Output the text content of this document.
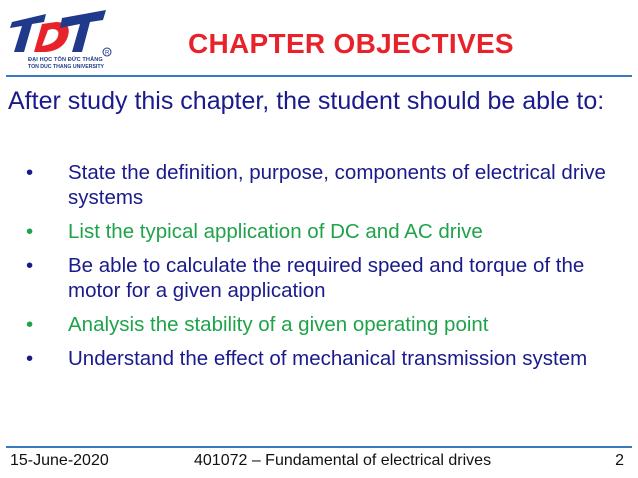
R
ĐẠI HỌC TÔN ĐỨC THẮNG
TON DUC THANG UNIVERSITY
CHAPTER OBJECTIVES
After study this chapter, the student should be able to:
• State the definition, purpose, components of electrical drive systems
• List the typical application of DC and AC drive
• Be able to calculate the required speed and torque of the motor for a given application
• Analysis the stability of a given operating point
• Understand the effect of mechanical transmission system
15-June-2020	401072 – Fundamental of electrical drives	2
